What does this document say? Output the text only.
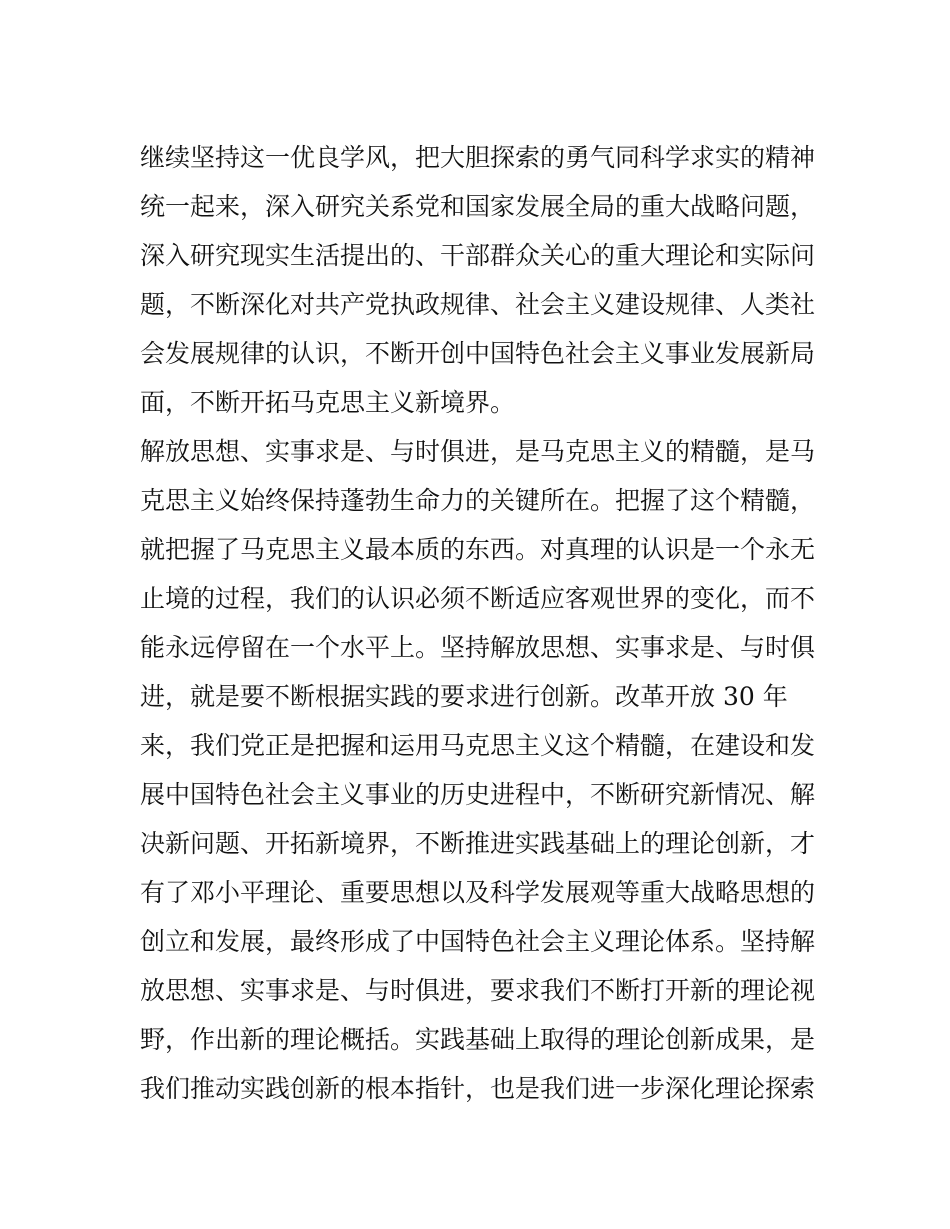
继续坚持这一优良学风，把大胆探索的勇气同科学求实的精神
统一起来，深入研究关系党和国家发展全局的重大战略问题，
深入研究现实生活提出的、干部群众关心的重大理论和实际问
题，不断深化对共产党执政规律、社会主义建设规律、人类社
会发展规律的认识，不断开创中国特色社会主义事业发展新局
面，不断开拓马克思主义新境界。
解放思想、实事求是、与时俱进，是马克思主义的精髓，是马
克思主义始终保持蓬勃生命力的关键所在。把握了这个精髓，
就把握了马克思主义最本质的东西。对真理的认识是一个永无
止境的过程，我们的认识必须不断适应客观世界的变化，而不
能永远停留在一个水平上。坚持解放思想、实事求是、与时俱
进，就是要不断根据实践的要求进行创新。改革开放 30 年
来，我们党正是把握和运用马克思主义这个精髓，在建设和发
展中国特色社会主义事业的历史进程中，不断研究新情况、解
决新问题、开拓新境界，不断推进实践基础上的理论创新，才
有了邓小平理论、重要思想以及科学发展观等重大战略思想的
创立和发展，最终形成了中国特色社会主义理论体系。坚持解
放思想、实事求是、与时俱进，要求我们不断打开新的理论视
野，作出新的理论概括。实践基础上取得的理论创新成果，是
我们推动实践创新的根本指针，也是我们进一步深化理论探索
